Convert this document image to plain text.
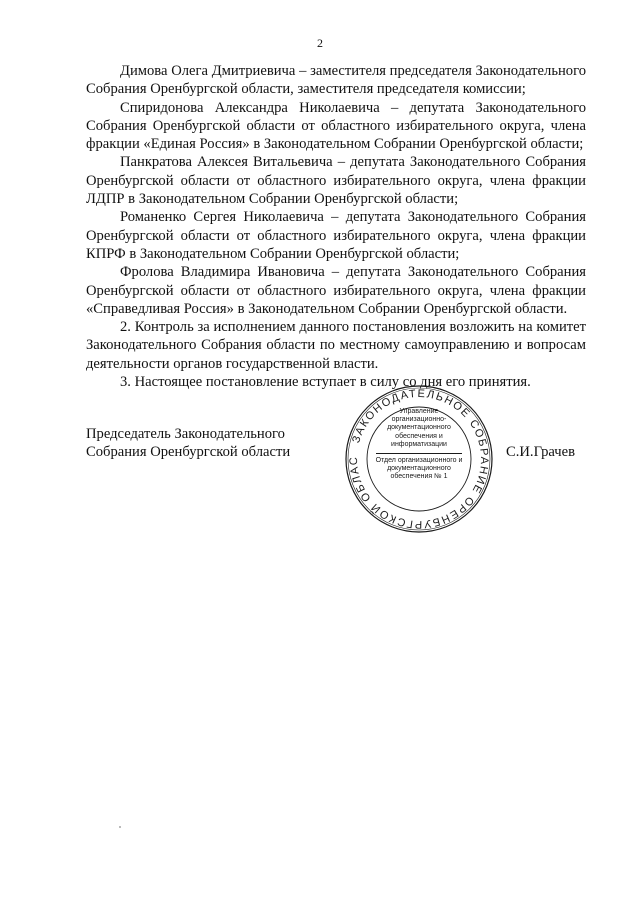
2

Димова Олега Дмитриевича – заместителя председателя Законодательного Собрания Оренбургской области, заместителя председателя комиссии;

Спиридонова Александра Николаевича – депутата Законодательного Собрания Оренбургской области от областного избирательного округа, члена фракции «Единая Россия» в Законодательном Собрании Оренбургской области;

Панкратова Алексея Витальевича – депутата Законодательного Собрания Оренбургской области от областного избирательного округа, члена фракции ЛДПР в Законодательном Собрании Оренбургской области;

Романенко Сергея Николаевича – депутата Законодательного Собрания Оренбургской области от областного избирательного округа, члена фракции КПРФ в Законодательном Собрании Оренбургской области;

Фролова Владимира Ивановича – депутата Законодательного Собрания Оренбургской области от областного избирательного округа, члена фракции «Справедливая Россия» в Законодательном Собрании Оренбургской области.

2. Контроль за исполнением данного постановления возложить на комитет Законодательного Собрания области по местному самоуправлению и вопросам деятельности органов государственной власти.

3. Настоящее постановление вступает в силу со дня его принятия.

Председатель Законодательного
Собрания Оренбургской области	С.И.Грачев
ЗАКОНОДАТЕЛЬНОЕ СОБРАНИЕ ОРЕНБУРГСКОЙ ОБЛАС
Управление организационно-документационного обеспечения и информатизации
Отдел организационного и документационного обеспечения № 1
